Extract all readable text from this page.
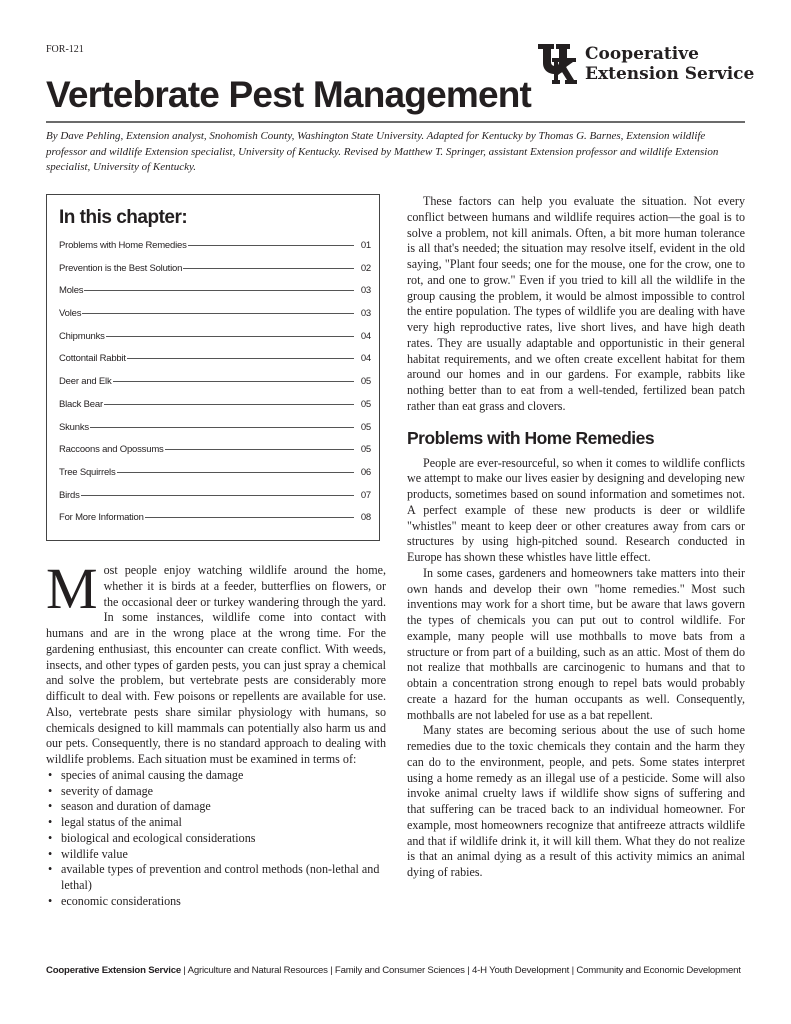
FOR-121	Cooperative
Extension Service
Vertebrate Pest Management

By Dave Pehling, Extension analyst, Snohomish County, Washington State University. Adapted for Kentucky by Thomas G. Barnes, Extension wildlife professor and wildlife Extension specialist, University of Kentucky. Revised by Matthew T. Springer, assistant Extension professor and wildlife Extension specialist, University of Kentucky.

In this chapter:
Problems with Home Remedies	01
Prevention is the Best Solution	02
Moles	03
Voles	03
Chipmunks	04
Cottontail Rabbit	04
Deer and Elk	05
Black Bear	05
Skunks	05
Raccoons and Opossums	05
Tree Squirrels	06
Birds	07
For More Information	08

Most people enjoy watching wildlife around the home, whether it is birds at a feeder, butterflies on flowers, or the occasional deer or turkey wandering through the yard. In some instances, wildlife come into contact with humans and are in the wrong place at the wrong time. For the gardening enthusiast, this encounter can create conflict. With weeds, insects, and other types of garden pests, you can just spray a chemical and solve the problem, but vertebrate pests are considerably more difficult to deal with. Few poisons or repellents are available for use. Also, vertebrate pests share similar physiology with humans, so chemicals designed to kill mammals can potentially also harm us and our pets. Consequently, there is no standard approach to dealing with wildlife problems. Each situation must be examined in terms of:

• species of animal causing the damage
• severity of damage
• season and duration of damage
• legal status of the animal
• biological and ecological considerations
• wildlife value
• available types of prevention and control methods (non-lethal and lethal)
• economic considerations

These factors can help you evaluate the situation. Not every conflict between humans and wildlife requires action—the goal is to solve a problem, not kill animals. Often, a bit more human tolerance is all that's needed; the situation may resolve itself, evident in the old saying, "Plant four seeds; one for the mouse, one for the crow, one to rot, and one to grow." Even if you tried to kill all the wildlife in the group causing the problem, it would be almost impossible to control the entire population. The types of wildlife you are dealing with have very high reproductive rates, live short lives, and have high death rates. They are usually adaptable and opportunistic in their general habitat requirements, and we often create excellent habitat for them around our homes and in our gardens. For example, rabbits like nothing better than to eat from a well-tended, fertilized bean patch rather than eat grass and clovers.

Problems with Home Remedies

People are ever-resourceful, so when it comes to wildlife conflicts we attempt to make our lives easier by designing and developing new products, sometimes based on sound information and sometimes not. A perfect example of these new products is deer or wildlife "whistles" meant to keep deer or other creatures away from cars or structures by using high-pitched sound. Research conducted in Europe has shown these whistles have little effect.

In some cases, gardeners and homeowners take matters into their own hands and develop their own "home remedies." Most such inventions may work for a short time, but be aware that laws govern the types of chemicals you can put out to control wildlife. For example, many people will use mothballs to move bats from a structure or from part of a building, such as an attic. Most of them do not realize that mothballs are carcinogenic to humans and that to obtain a concentration strong enough to repel bats would probably create a hazard for the human occupants as well. Consequently, mothballs are not labeled for use as a bat repellent.

Many states are becoming serious about the use of such home remedies due to the toxic chemicals they contain and the harm they can do to the environment, people, and pets. Some states interpret using a home remedy as an illegal use of a pesticide. Some will also invoke animal cruelty laws if wildlife show signs of suffering and that suffering can be traced back to an individual homeowner. For example, most homeowners recognize that antifreeze attracts wildlife and that if wildlife drink it, it will kill them. What they do not realize is that an animal dying as a result of this activity mimics an animal dying of rabies.

Cooperative Extension Service | Agriculture and Natural Resources | Family and Consumer Sciences | 4-H Youth Development | Community and Economic Development
